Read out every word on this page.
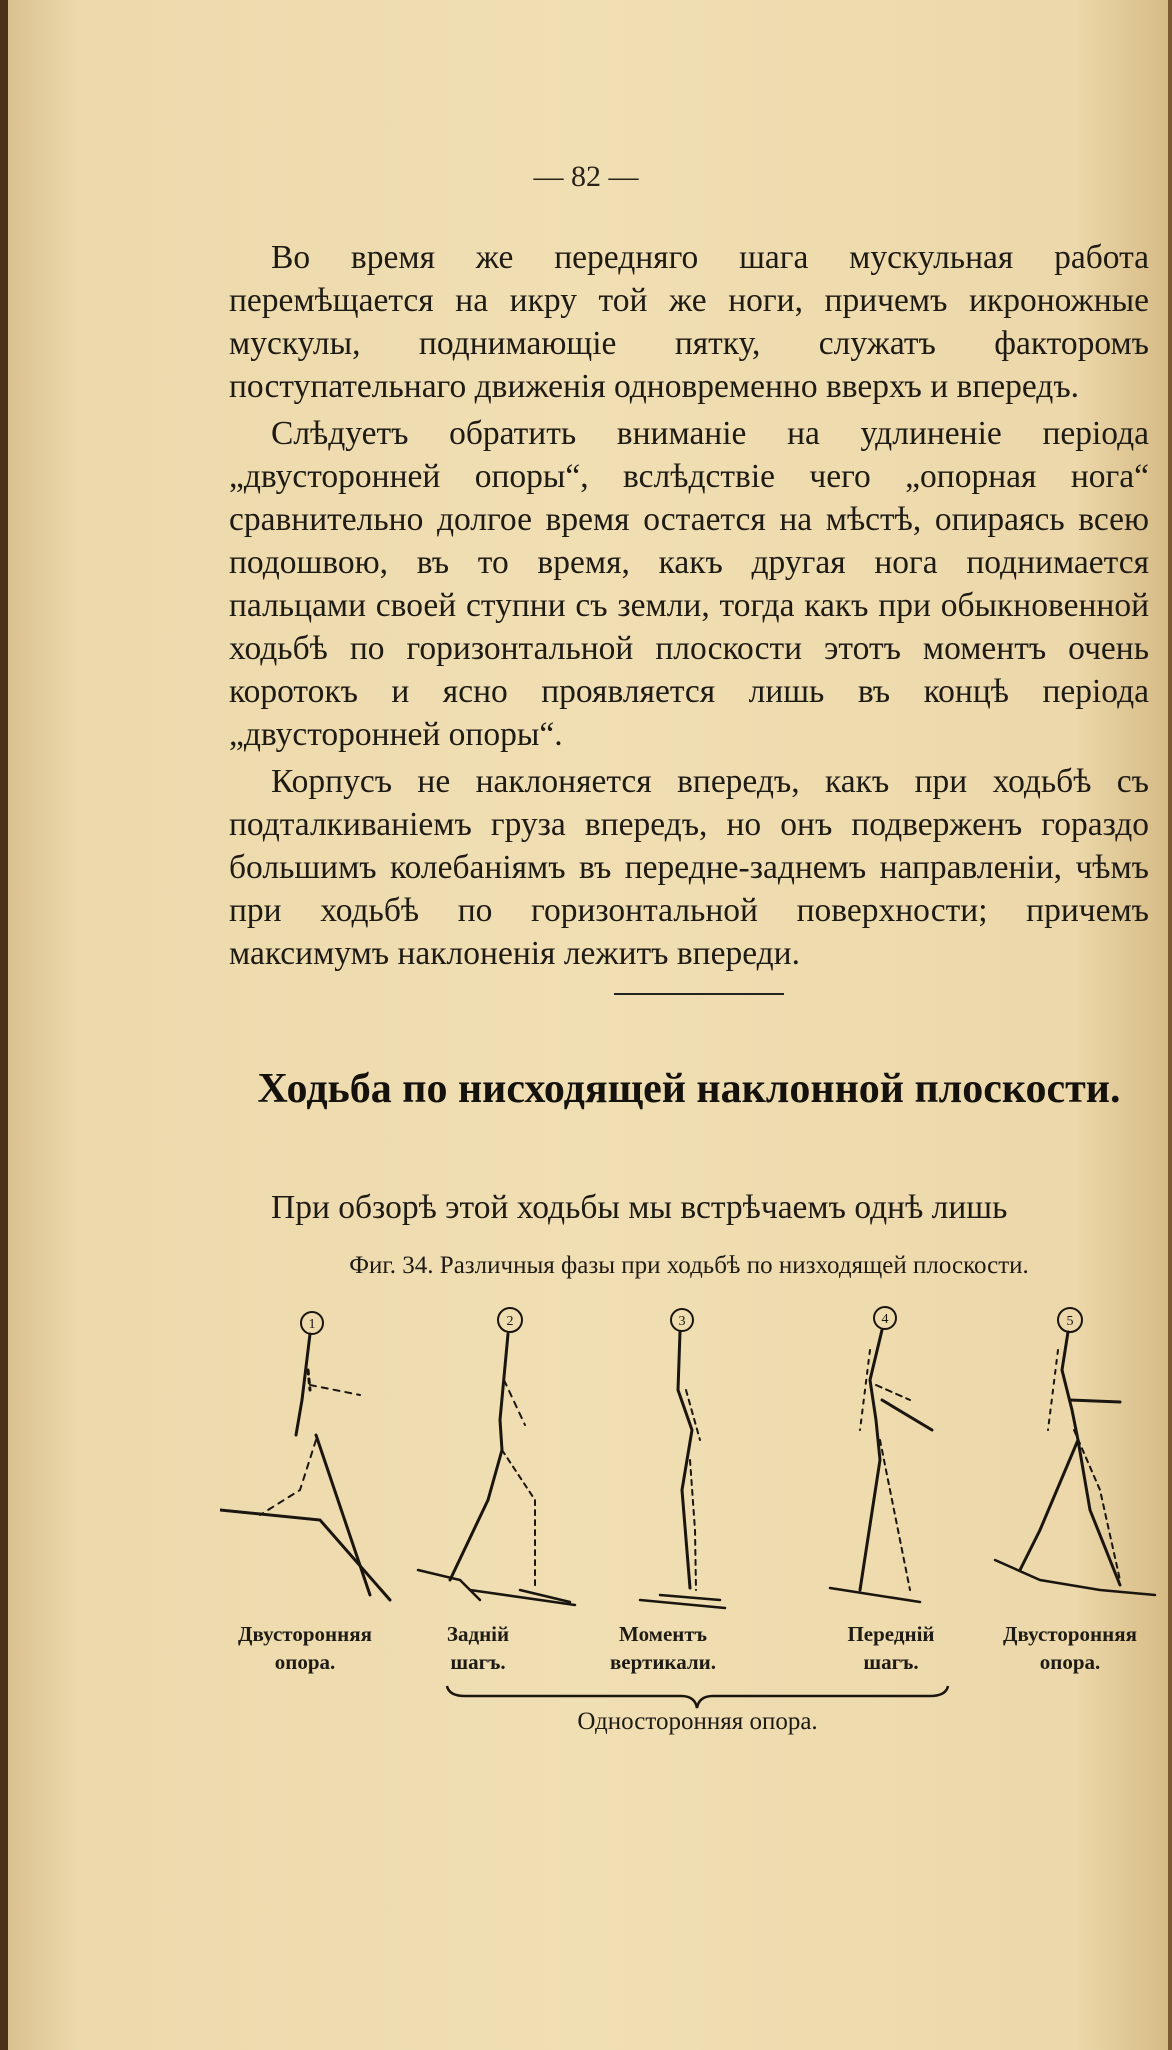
— 82 —

Во время же передняго шага мускульная работа перемѣщается на икру той же ноги, причемъ икроножные мускулы, поднимающіе пятку, служатъ факторомъ поступательнаго движенія одновременно вверхъ и впередъ.

Слѣдуетъ обратить вниманіе на удлиненіе періода „двусторонней опоры“, вслѣдствіе чего „опорная нога“ сравнительно долгое время остается на мѣстѣ, опираясь всею подошвою, въ то время, какъ другая нога поднимается пальцами своей ступни съ земли, тогда какъ при обыкновенной ходьбѣ по горизонтальной плоскости этотъ моментъ очень коротокъ и ясно проявляется лишь въ концѣ періода „двусторонней опоры“.

Корпусъ не наклоняется впередъ, какъ при ходьбѣ съ подталкиваніемъ груза впередъ, но онъ подверженъ гораздо большимъ колебаніямъ въ передне-заднемъ направленіи, чѣмъ при ходьбѣ по горизонтальной поверхности; причемъ максимумъ наклоненія лежитъ впереди.

Ходьба по нисходящей наклонной плоскости.
При обзорѣ этой ходьбы мы встрѣчаемъ однѣ лишь
Фиг. 34. Различныя фазы при ходьбѣ по низходящей плоскости.
1	2	3	4	5
Двусторонняя
опора.
Задній
шагъ.
Моментъ
вертикали.
Передній
шагъ.
Двусторонняя
опора.
Односторонняя опора.
